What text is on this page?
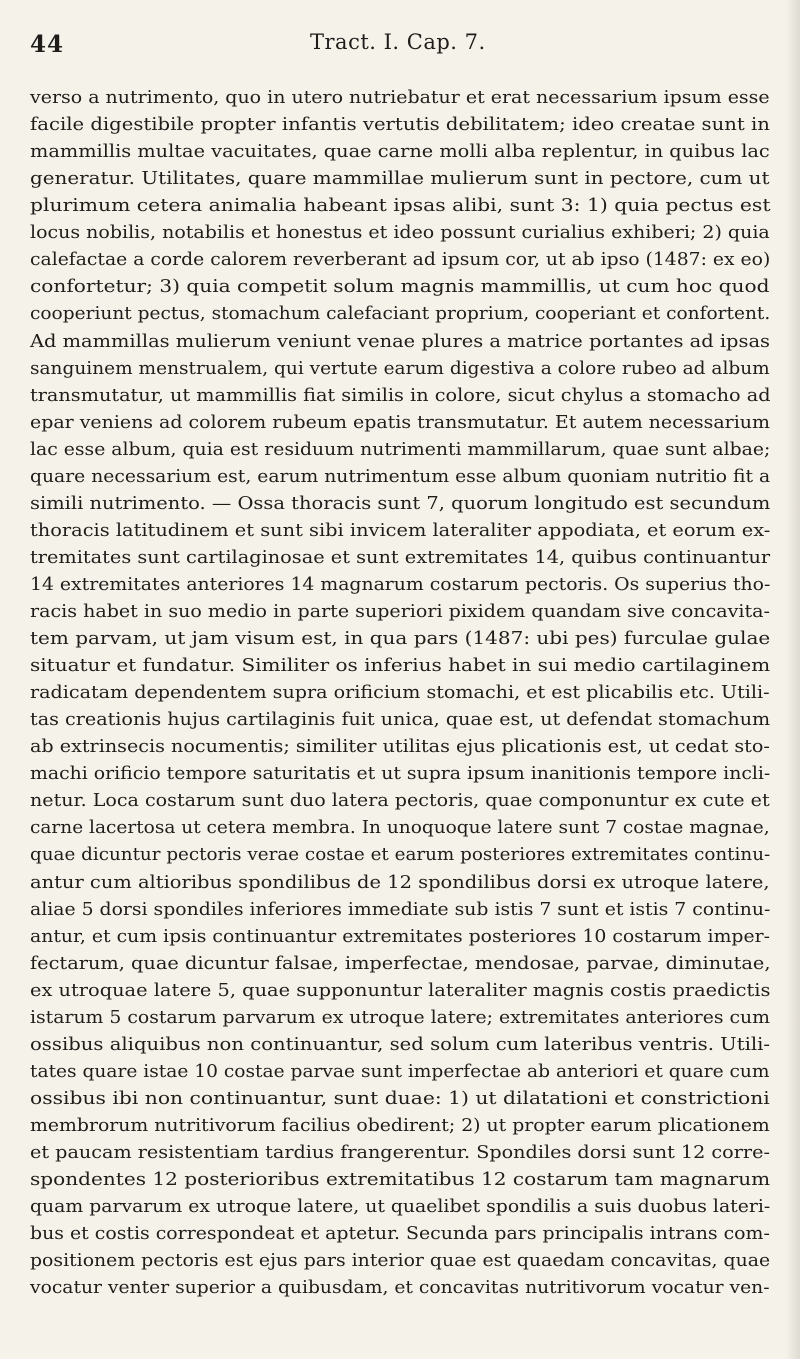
44	Tract. I. Cap. 7.
verso a nutrimento, quo in utero nutriebatur et erat necessarium ipsum esse
facile digestibile propter infantis vertutis debilitatem; ideo creatae sunt in
mammillis multae vacuitates, quae carne molli alba replentur, in quibus lac
generatur. Utilitates, quare mammillae mulierum sunt in pectore, cum ut
plurimum cetera animalia habeant ipsas alibi, sunt 3: 1) quia pectus est
locus nobilis, notabilis et honestus et ideo possunt curialius exhiberi; 2) quia
calefactae a corde calorem reverberant ad ipsum cor, ut ab ipso (1487: ex eo)
confortetur; 3) quia competit solum magnis mammillis, ut cum hoc quod
cooperiunt pectus, stomachum calefaciant proprium, cooperiant et confortent.
Ad mammillas mulierum veniunt venae plures a matrice portantes ad ipsas
sanguinem menstrualem, qui vertute earum digestiva a colore rubeo ad album
transmutatur, ut mammillis fiat similis in colore, sicut chylus a stomacho ad
epar veniens ad colorem rubeum epatis transmutatur. Et autem necessarium
lac esse album, quia est residuum nutrimenti mammillarum, quae sunt albae;
quare necessarium est, earum nutrimentum esse album quoniam nutritio fit a
simili nutrimento. — Ossa thoracis sunt 7, quorum longitudo est secundum
thoracis latitudinem et sunt sibi invicem lateraliter appodiata, et eorum ex-
tremitates sunt cartilaginosae et sunt extremitates 14, quibus continuantur
14 extremitates anteriores 14 magnarum costarum pectoris. Os superius tho-
racis habet in suo medio in parte superiori pixidem quandam sive concavita-
tem parvam, ut jam visum est, in qua pars (1487: ubi pes) furculae gulae
situatur et fundatur. Similiter os inferius habet in sui medio cartilaginem
radicatam dependentem supra orificium stomachi, et est plicabilis etc. Utili-
tas creationis hujus cartilaginis fuit unica, quae est, ut defendat stomachum
ab extrinsecis nocumentis; similiter utilitas ejus plicationis est, ut cedat sto-
machi orificio tempore saturitatis et ut supra ipsum inanitionis tempore incli-
netur. Loca costarum sunt duo latera pectoris, quae componuntur ex cute et
carne lacertosa ut cetera membra. In unoquoque latere sunt 7 costae magnae,
quae dicuntur pectoris verae costae et earum posteriores extremitates continu-
antur cum altioribus spondilibus de 12 spondilibus dorsi ex utroque latere,
aliae 5 dorsi spondiles inferiores immediate sub istis 7 sunt et istis 7 continu-
antur, et cum ipsis continuantur extremitates posteriores 10 costarum imper-
fectarum, quae dicuntur falsae, imperfectae, mendosae, parvae, diminutae,
ex utroquae latere 5, quae supponuntur lateraliter magnis costis praedictis
istarum 5 costarum parvarum ex utroque latere; extremitates anteriores cum
ossibus aliquibus non continuantur, sed solum cum lateribus ventris. Utili-
tates quare istae 10 costae parvae sunt imperfectae ab anteriori et quare cum
ossibus ibi non continuantur, sunt duae: 1) ut dilatationi et constrictioni
membrorum nutritivorum facilius obedirent; 2) ut propter earum plicationem
et paucam resistentiam tardius frangerentur. Spondiles dorsi sunt 12 corre-
spondentes 12 posterioribus extremitatibus 12 costarum tam magnarum
quam parvarum ex utroque latere, ut quaelibet spondilis a suis duobus lateri-
bus et costis correspondeat et aptetur. Secunda pars principalis intrans com-
positionem pectoris est ejus pars interior quae est quaedam concavitas, quae
vocatur venter superior a quibusdam, et concavitas nutritivorum vocatur ven-
